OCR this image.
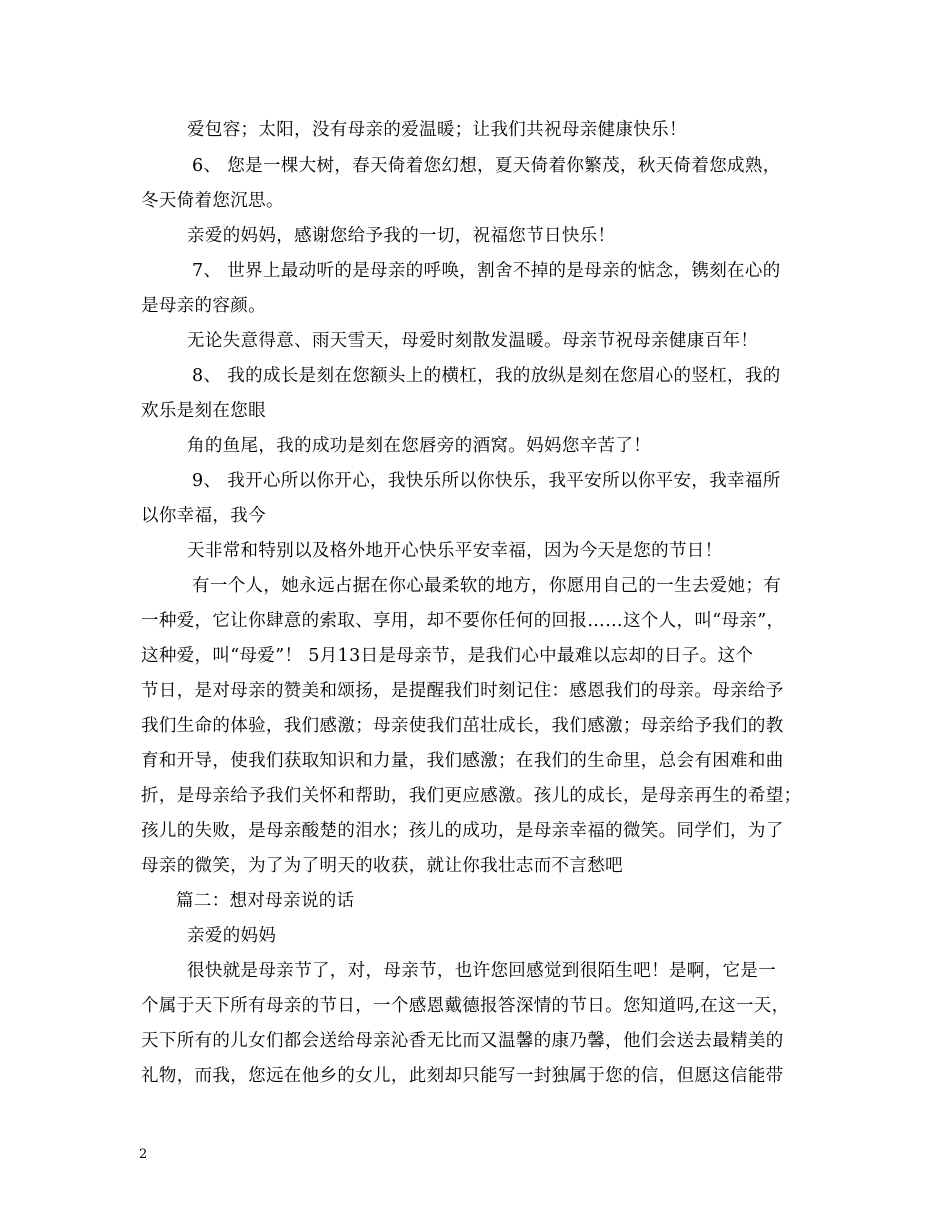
爱包容；太阳，没有母亲的爱温暖；让我们共祝母亲健康快乐！

6、 您是一棵大树，春天倚着您幻想，夏天倚着你繁茂，秋天倚着您成熟，

冬天倚着您沉思。

亲爱的妈妈，感谢您给予我的一切，祝福您节日快乐！

7、 世界上最动听的是母亲的呼唤，割舍不掉的是母亲的惦念，镌刻在心的

是母亲的容颜。

无论失意得意、雨天雪天，母爱时刻散发温暖。母亲节祝母亲健康百年！

8、 我的成长是刻在您额头上的横杠，我的放纵是刻在您眉心的竖杠，我的

欢乐是刻在您眼

角的鱼尾，我的成功是刻在您唇旁的酒窝。妈妈您辛苦了！

9、 我开心所以你开心，我快乐所以你快乐，我平安所以你平安，我幸福所

以你幸福，我今

天非常和特别以及格外地开心快乐平安幸福，因为今天是您的节日！

有一个人，她永远占据在你心最柔软的地方，你愿用自己的一生去爱她；有

一种爱，它让你肆意的索取、享用，却不要你任何的回报……这个人，叫“母亲”，

这种爱，叫“母爱”！ 5月13日是母亲节，是我们心中最难以忘却的日子。这个

节日，是对母亲的赞美和颂扬，是提醒我们时刻记住：感恩我们的母亲。母亲给予

我们生命的体验，我们感激；母亲使我们茁壮成长，我们感激；母亲给予我们的教

育和开导，使我们获取知识和力量，我们感激；在我们的生命里，总会有困难和曲

折，是母亲给予我们关怀和帮助，我们更应感激。孩儿的成长，是母亲再生的希望；

孩儿的失败，是母亲酸楚的泪水；孩儿的成功，是母亲幸福的微笑。同学们，为了

母亲的微笑，为了为了明天的收获，就让你我壮志而不言愁吧

篇二：想对母亲说的话

亲爱的妈妈

很快就是母亲节了，对，母亲节，也许您回感觉到很陌生吧！是啊，它是一

个属于天下所有母亲的节日，一个感恩戴德报答深情的节日。您知道吗,在这一天，

天下所有的儿女们都会送给母亲沁香无比而又温馨的康乃馨，他们会送去最精美的

礼物，而我，您远在他乡的女儿，此刻却只能写一封独属于您的信，但愿这信能带

2
